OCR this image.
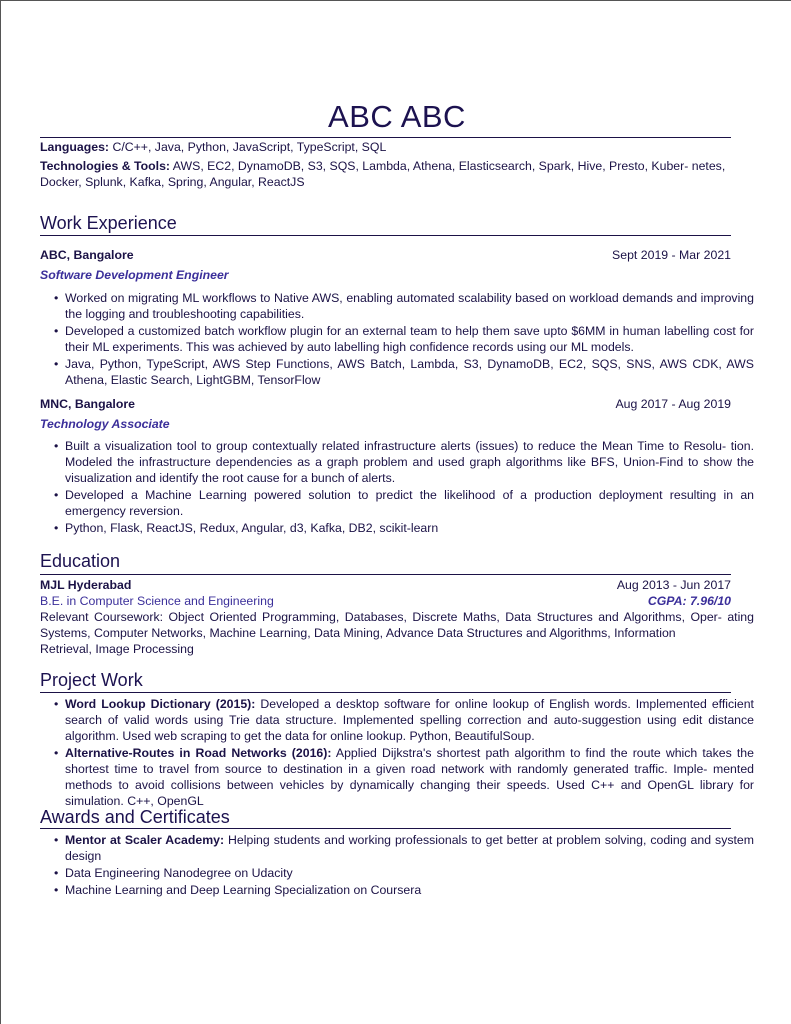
ABC ABC

Languages: C/C++, Java, Python, JavaScript, TypeScript, SQL

Technologies & Tools: AWS, EC2, DynamoDB, S3, SQS, Lambda, Athena, Elasticsearch, Spark, Hive, Presto, Kuber- netes, Docker, Splunk, Kafka, Spring, Angular, ReactJS

Work Experience
ABC, Bangalore	Sept 2019 - Mar 2021
Software Development Engineer
• Worked on migrating ML workflows to Native AWS, enabling automated scalability based on workload demands and improving the logging and troubleshooting capabilities.
• Developed a customized batch workflow plugin for an external team to help them save upto $6MM in human labelling cost for their ML experiments. This was achieved by auto labelling high confidence records using our ML models.
• Java, Python, TypeScript, AWS Step Functions, AWS Batch, Lambda, S3, DynamoDB, EC2, SQS, SNS, AWS CDK, AWS Athena, Elastic Search, LightGBM, TensorFlow
MNC, Bangalore	Aug 2017 - Aug 2019
Technology Associate
• Built a visualization tool to group contextually related infrastructure alerts (issues) to reduce the Mean Time to Resolu- tion. Modeled the infrastructure dependencies as a graph problem and used graph algorithms like BFS, Union-Find to show the visualization and identify the root cause for a bunch of alerts.
• Developed a Machine Learning powered solution to predict the likelihood of a production deployment resulting in an emergency reversion.
• Python, Flask, ReactJS, Redux, Angular, d3, Kafka, DB2, scikit-learn
Education
MJL Hyderabad	Aug 2013 - Jun 2017
B.E. in Computer Science and Engineering	CGPA: 7.96/10
Relevant Coursework: Object Oriented Programming, Databases, Discrete Maths, Data Structures and Algorithms, Oper- ating Systems, Computer Networks, Machine Learning, Data Mining, Advance Data Structures and Algorithms, Information
Retrieval, Image Processing
Project Work
• Word Lookup Dictionary (2015): Developed a desktop software for online lookup of English words. Implemented efficient search of valid words using Trie data structure. Implemented spelling correction and auto-suggestion using edit distance algorithm. Used web scraping to get the data for online lookup. Python, BeautifulSoup.
• Alternative-Routes in Road Networks (2016): Applied Dijkstra's shortest path algorithm to find the route which takes the shortest time to travel from source to destination in a given road network with randomly generated traffic. Imple- mented methods to avoid collisions between vehicles by dynamically changing their speeds. Used C++ and OpenGL library for simulation. C++, OpenGL
Awards and Certificates
• Mentor at Scaler Academy: Helping students and working professionals to get better at problem solving, coding and system design
• Data Engineering Nanodegree on Udacity
• Machine Learning and Deep Learning Specialization on Coursera
